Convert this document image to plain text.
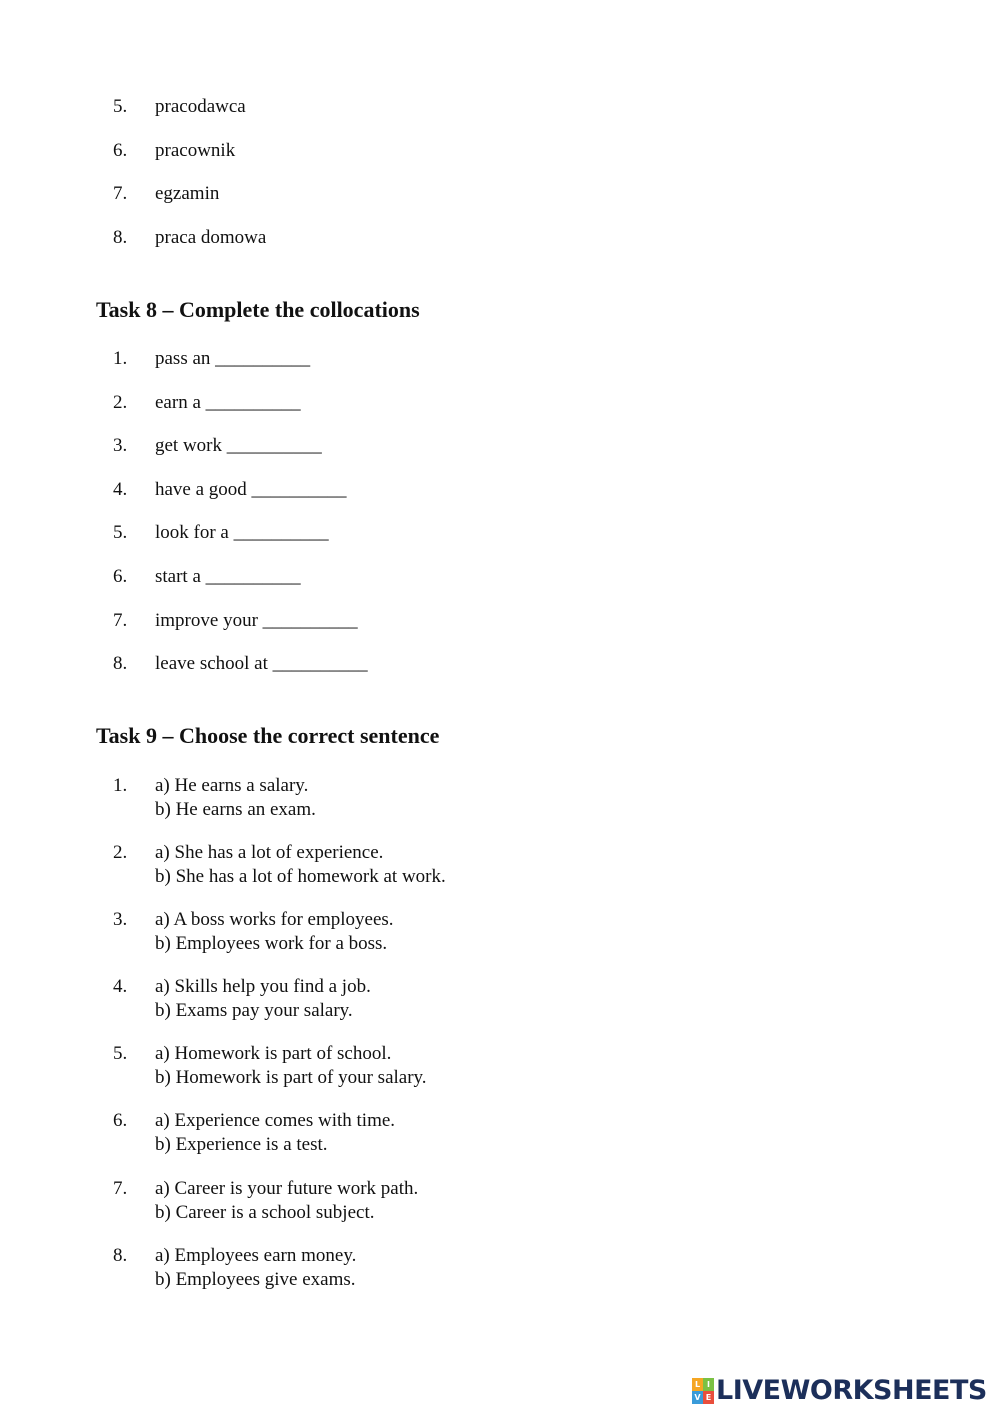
5.	pracodawca
6.	pracownik
7.	egzamin
8.	praca domowa
Task 8 – Complete the collocations
1.	pass an __________
2.	earn a __________
3.	get work __________
4.	have a good __________
5.	look for a __________
6.	start a __________
7.	improve your __________
8.	leave school at __________
Task 9 – Choose the correct sentence
1.	a) He earns a salary.
b) He earns an exam.
2.	a) She has a lot of experience.
b) She has a lot of homework at work.
3.	a) A boss works for employees.
b) Employees work for a boss.
4.	a) Skills help you find a job.
b) Exams pay your salary.
5.	a) Homework is part of school.
b) Homework is part of your salary.
6.	a) Experience comes with time.
b) Experience is a test.
7.	a) Career is your future work path.
b) Career is a school subject.
8.	a) Employees earn money.
b) Employees give exams.
L I
V E LIVEWORKSHEETS
